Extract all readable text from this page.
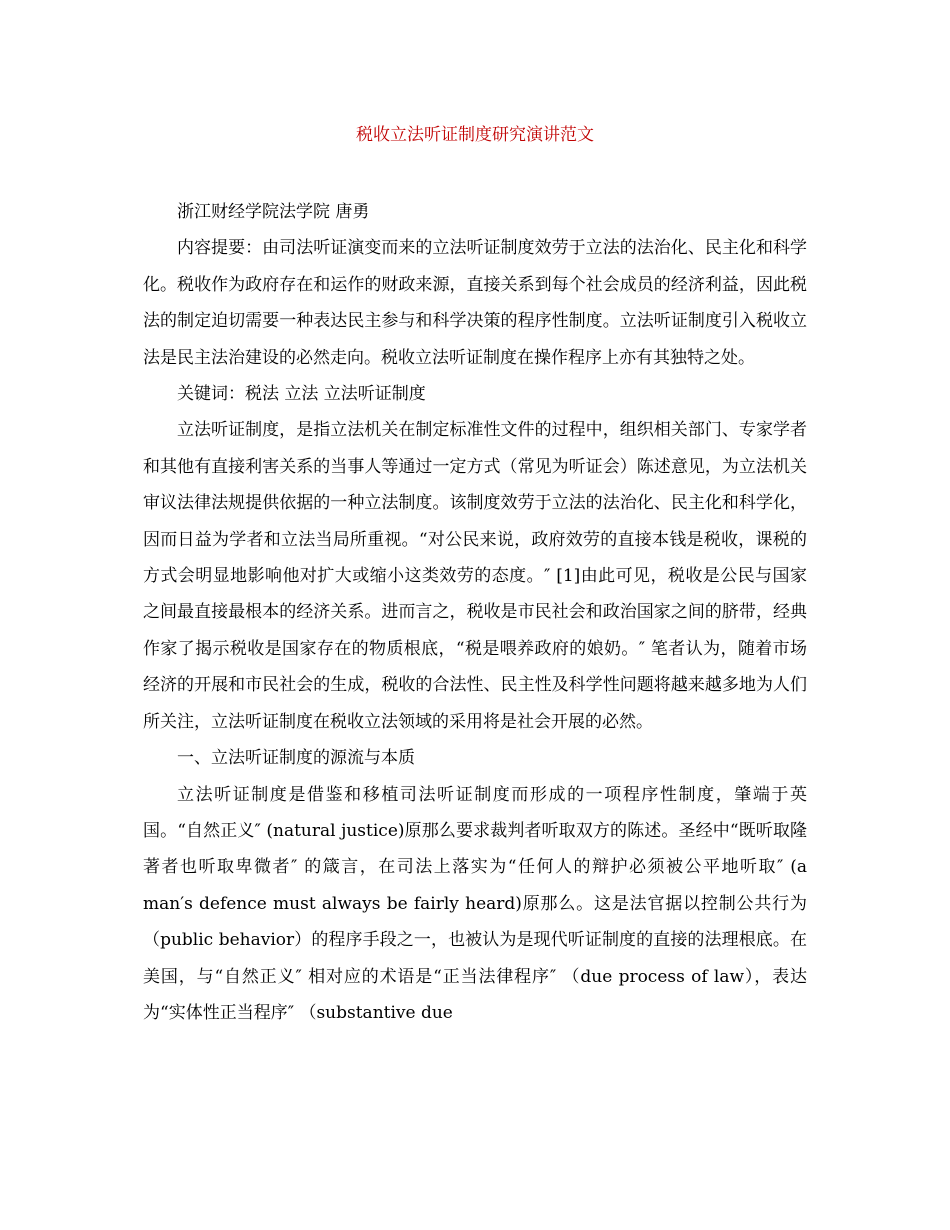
税收立法听证制度研究演讲范文

浙江财经学院法学院 唐勇

内容提要：由司法听证演变而来的立法听证制度效劳于立法的法治化、民主化和科学化。税收作为政府存在和运作的财政来源，直接关系到每个社会成员的经济利益，因此税法的制定迫切需要一种表达民主参与和科学决策的程序性制度。立法听证制度引入税收立法是民主法治建设的必然走向。税收立法听证制度在操作程序上亦有其独特之处。

关键词：税法 立法 立法听证制度

立法听证制度，是指立法机关在制定标准性文件的过程中，组织相关部门、专家学者和其他有直接利害关系的当事人等通过一定方式（常见为听证会）陈述意见，为立法机关审议法律法规提供依据的一种立法制度。该制度效劳于立法的法治化、民主化和科学化，因而日益为学者和立法当局所重视。“对公民来说，政府效劳的直接本钱是税收，课税的方式会明显地影响他对扩大或缩小这类效劳的态度。″ [1]由此可见，税收是公民与国家之间最直接最根本的经济关系。进而言之，税收是市民社会和政治国家之间的脐带，经典作家了揭示税收是国家存在的物质根底，“税是喂养政府的娘奶。″ 笔者认为，随着市场经济的开展和市民社会的生成，税收的合法性、民主性及科学性问题将越来越多地为人们所关注，立法听证制度在税收立法领域的采用将是社会开展的必然。

一、立法听证制度的源流与本质

立法听证制度是借鉴和移植司法听证制度而形成的一项程序性制度，肇端于英国。“自然正义″ (natural justice)原那么要求裁判者听取双方的陈述。圣经中“既听取隆著者也听取卑微者″ 的箴言，在司法上落实为“任何人的辩护必须被公平地听取″ (a man′s defence must always be fairly heard)原那么。这是法官据以控制公共行为（public behavior）的程序手段之一，也被认为是现代听证制度的直接的法理根底。在美国，与“自然正义″ 相对应的术语是“正当法律程序″ （due process of law），表达为“实体性正当程序″ （substantive due
